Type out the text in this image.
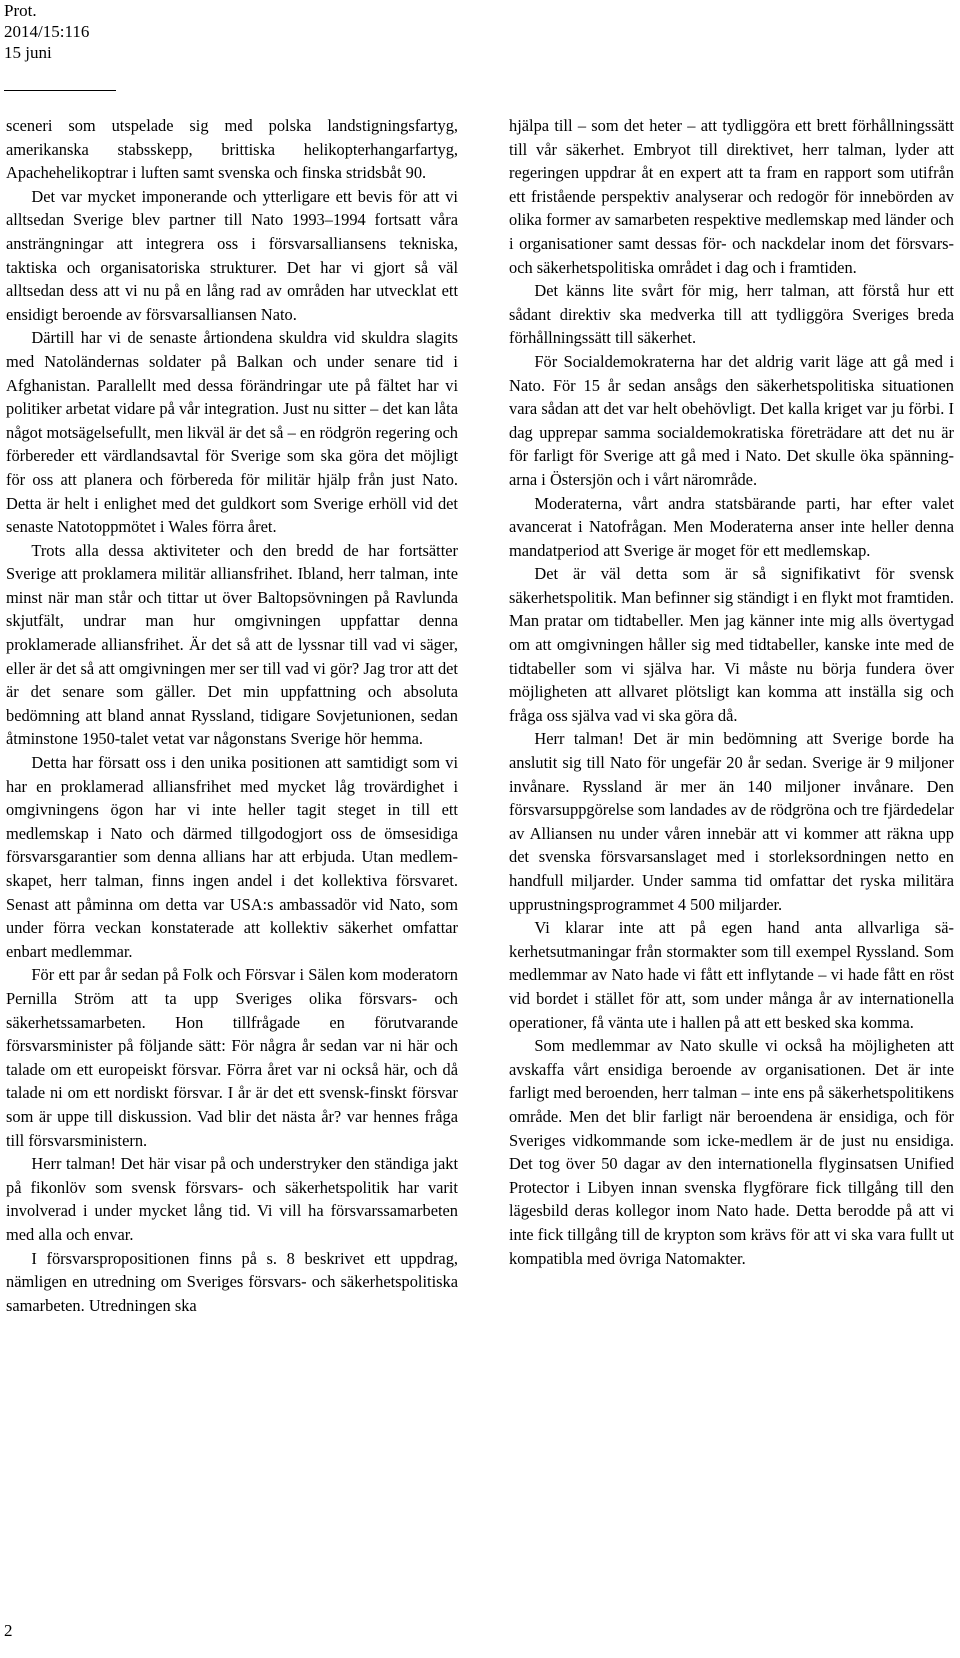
Prot.
2014/15:116
15 juni

sceneri som utspelade sig med polska landstigningsfartyg, amerikanska stabsskepp, brittiska helikopterhangarfartyg, Apachehelikoptrar i luften samt svenska och finska stridsbåt 90.

Det var mycket imponerande och ytterligare ett bevis för att vi alltsedan Sverige blev partner till Nato 1993–1994 fortsatt våra ansträngningar att integrera oss i försvarsalliansens tekniska, taktiska och organisatoriska strukturer. Det har vi gjort så väl alltsedan dess att vi nu på en lång rad av områden har utvecklat ett ensidigt beroende av försvarsalliansen Nato.

Därtill har vi de senaste årtiondena skuldra vid skuldra slagits med Natoländernas soldater på Balkan och under senare tid i Afghanistan. Parallellt med dessa förändringar ute på fältet har vi politiker arbetat vidare på vår integration. Just nu sitter – det kan låta något motsägelsefullt, men likväl är det så – en rödgrön regering och förbereder ett värdlandsavtal för Sverige som ska göra det möjligt för oss att planera och förbereda för militär hjälp från just Nato. Detta är helt i enlighet med det guldkort som Sverige erhöll vid det senaste Natotoppmötet i Wales förra året.

Trots alla dessa aktiviteter och den bredd de har fortsätter Sverige att proklamera militär alliansfrihet. Ibland, herr talman, inte minst när man står och tittar ut över Baltopsövningen på Ravlunda skjutfält, undrar man hur omgivningen uppfattar denna proklamerade alliansfrihet. Är det så att de lyssnar till vad vi säger, eller är det så att omgivningen mer ser till vad vi gör? Jag tror att det är det senare som gäller. Det min uppfattning och absoluta bedömning att bland annat Ryssland, tidigare Sovjetunionen, sedan åtminstone 1950-talet vetat var någonstans Sverige hör hemma.

Detta har försatt oss i den unika positionen att samtidigt som vi har en proklamerad alliansfrihet med mycket låg trovärdighet i omgivningens ögon har vi inte heller tagit steget in till ett medlemskap i Nato och därmed tillgodogjort oss de ömsesidiga försvarsgarantier som denna allians har att erbjuda. Utan medlemskapet, herr talman, finns ingen andel i det kollektiva försvaret. Senast att påminna om detta var USA:s ambassadör vid Nato, som under förra veckan konstaterade att kollektiv säkerhet omfattar enbart medlemmar.

För ett par år sedan på Folk och Försvar i Sälen kom moderatorn Pernilla Ström att ta upp Sveriges olika försvars- och säkerhetssamarbeten. Hon tillfrågade en förutvarande försvarsminister på följande sätt: För några år sedan var ni här och talade om ett europeiskt försvar. Förra året var ni också här, och då talade ni om ett nordiskt försvar. I år är det ett svensk-finskt försvar som är uppe till diskussion. Vad blir det nästa år? var hennes fråga till försvarsministern.

Herr talman! Det här visar på och understryker den ständiga jakt på fikonlöv som svensk försvars- och säkerhetspolitik har varit involverad i under mycket lång tid. Vi vill ha försvarssamarbeten med alla och envar.

I försvarspropositionen finns på s. 8 beskrivet ett uppdrag, nämligen en utredning om Sveriges försvars- och säkerhetspolitiska samarbeten. Utredningen ska

hjälpa till – som det heter – att tydliggöra ett brett förhållningssätt till vår säkerhet. Embryot till direktivet, herr talman, lyder att regeringen uppdrar åt en expert att ta fram en rapport som utifrån ett fristående perspektiv analyserar och redogör för innebörden av olika former av samarbeten respektive medlemskap med länder och i organisationer samt dessas för- och nackdelar inom det försvars- och säkerhetspolitiska området i dag och i framtiden.

Det känns lite svårt för mig, herr talman, att förstå hur ett sådant direktiv ska medverka till att tydliggöra Sveriges breda förhållningssätt till säkerhet.

För Socialdemokraterna har det aldrig varit läge att gå med i Nato. För 15 år sedan ansågs den säkerhetspolitiska situationen vara sådan att det var helt obehövligt. Det kalla kriget var ju förbi. I dag upprepar samma socialdemokratiska företrädare att det nu är för farligt för Sverige att gå med i Nato. Det skulle öka spänningarna i Östersjön och i vårt närområde.

Moderaterna, vårt andra statsbärande parti, har efter valet avancerat i Natofrågan. Men Moderaterna anser inte heller denna mandatperiod att Sverige är moget för ett medlemskap.

Det är väl detta som är så signifikativt för svensk säkerhetspolitik. Man befinner sig ständigt i en flykt mot framtiden. Man pratar om tidtabeller. Men jag känner inte mig alls övertygad om att omgivningen håller sig med tidtabeller, kanske inte med de tidtabeller som vi själva har. Vi måste nu börja fundera över möjligheten att allvaret plötsligt kan komma att inställa sig och fråga oss själva vad vi ska göra då.

Herr talman! Det är min bedömning att Sverige borde ha anslutit sig till Nato för ungefär 20 år sedan. Sverige är 9 miljoner invånare. Ryssland är mer än 140 miljoner invånare. Den försvarsuppgörelse som landades av de rödgröna och tre fjärdedelar av Alliansen nu under våren innebär att vi kommer att räkna upp det svenska försvarsanslaget med i storleksordningen netto en handfull miljarder. Under samma tid omfattar det ryska militära upprustningsprogrammet 4 500 miljarder.

Vi klarar inte att på egen hand anta allvarliga säkerhetsutmaningar från stormakter som till exempel Ryssland. Som medlemmar av Nato hade vi fått ett inflytande – vi hade fått en röst vid bordet i stället för att, som under många år av internationella operationer, få vänta ute i hallen på att ett besked ska komma.

Som medlemmar av Nato skulle vi också ha möjligheten att avskaffa vårt ensidiga beroende av organisationen. Det är inte farligt med beroenden, herr talman – inte ens på säkerhetspolitikens område. Men det blir farligt när beroendena är ensidiga, och för Sveriges vidkommande som icke-medlem är de just nu ensidiga. Det tog över 50 dagar av den internationella flyginsatsen Unified Protector i Libyen innan svenska flygförare fick tillgång till den lägesbild deras kollegor inom Nato hade. Detta berodde på att vi inte fick tillgång till de krypton som krävs för att vi ska vara fullt ut kompatibla med övriga Natomakter.

2
